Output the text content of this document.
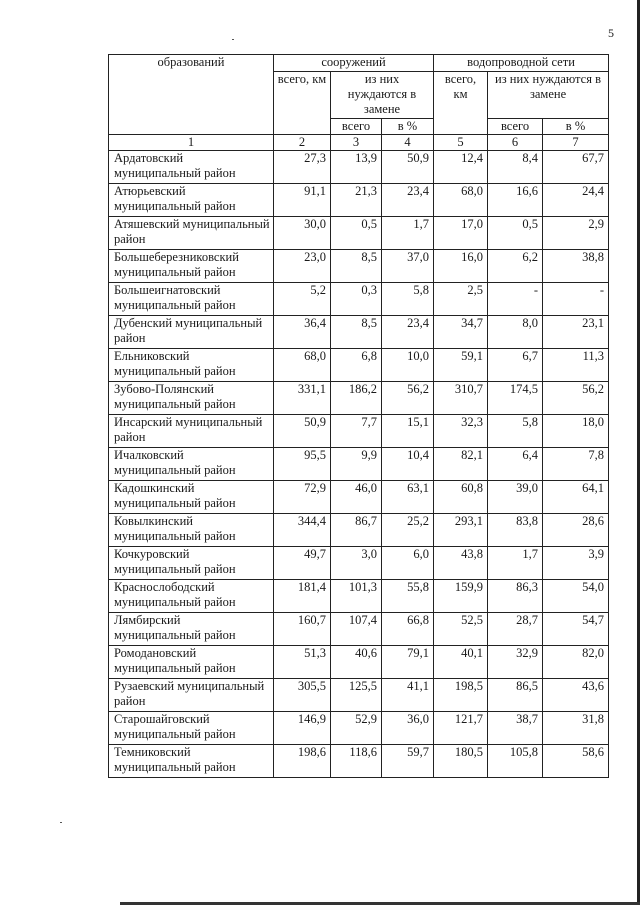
5
образований	сооружений			водопроводной сети		
	всего, км	из них нуждаются в замене		всего, км	из них нуждаются в замене	
		всего	в %		всего	в %
1	2	3	4	5	6	7
Ардатовский муниципальный район	27,3	13,9	50,9	12,4	8,4	67,7
Атюрьевский муниципальный район	91,1	21,3	23,4	68,0	16,6	24,4
Атяшевский муниципальный район	30,0	0,5	1,7	17,0	0,5	2,9
Большеберезниковский муниципальный район	23,0	8,5	37,0	16,0	6,2	38,8
Большеигнатовский муниципальный район	5,2	0,3	5,8	2,5	-	-
Дубенский муниципальный район	36,4	8,5	23,4	34,7	8,0	23,1
Ельниковский муниципальный район	68,0	6,8	10,0	59,1	6,7	11,3
Зубово-Полянский муниципальный район	331,1	186,2	56,2	310,7	174,5	56,2
Инсарский муниципальный район	50,9	7,7	15,1	32,3	5,8	18,0
Ичалковский муниципальный район	95,5	9,9	10,4	82,1	6,4	7,8
Кадошкинский муниципальный район	72,9	46,0	63,1	60,8	39,0	64,1
Ковылкинский муниципальный район	344,4	86,7	25,2	293,1	83,8	28,6
Кочкуровский муниципальный район	49,7	3,0	6,0	43,8	1,7	3,9
Краснослободский муниципальный район	181,4	101,3	55,8	159,9	86,3	54,0
Лямбирский муниципальный район	160,7	107,4	66,8	52,5	28,7	54,7
Ромодановский муниципальный район	51,3	40,6	79,1	40,1	32,9	82,0
Рузаевский муниципальный район	305,5	125,5	41,1	198,5	86,5	43,6
Старошайговский муниципальный район	146,9	52,9	36,0	121,7	38,7	31,8
Темниковский муниципальный район	198,6	118,6	59,7	180,5	105,8	58,6
